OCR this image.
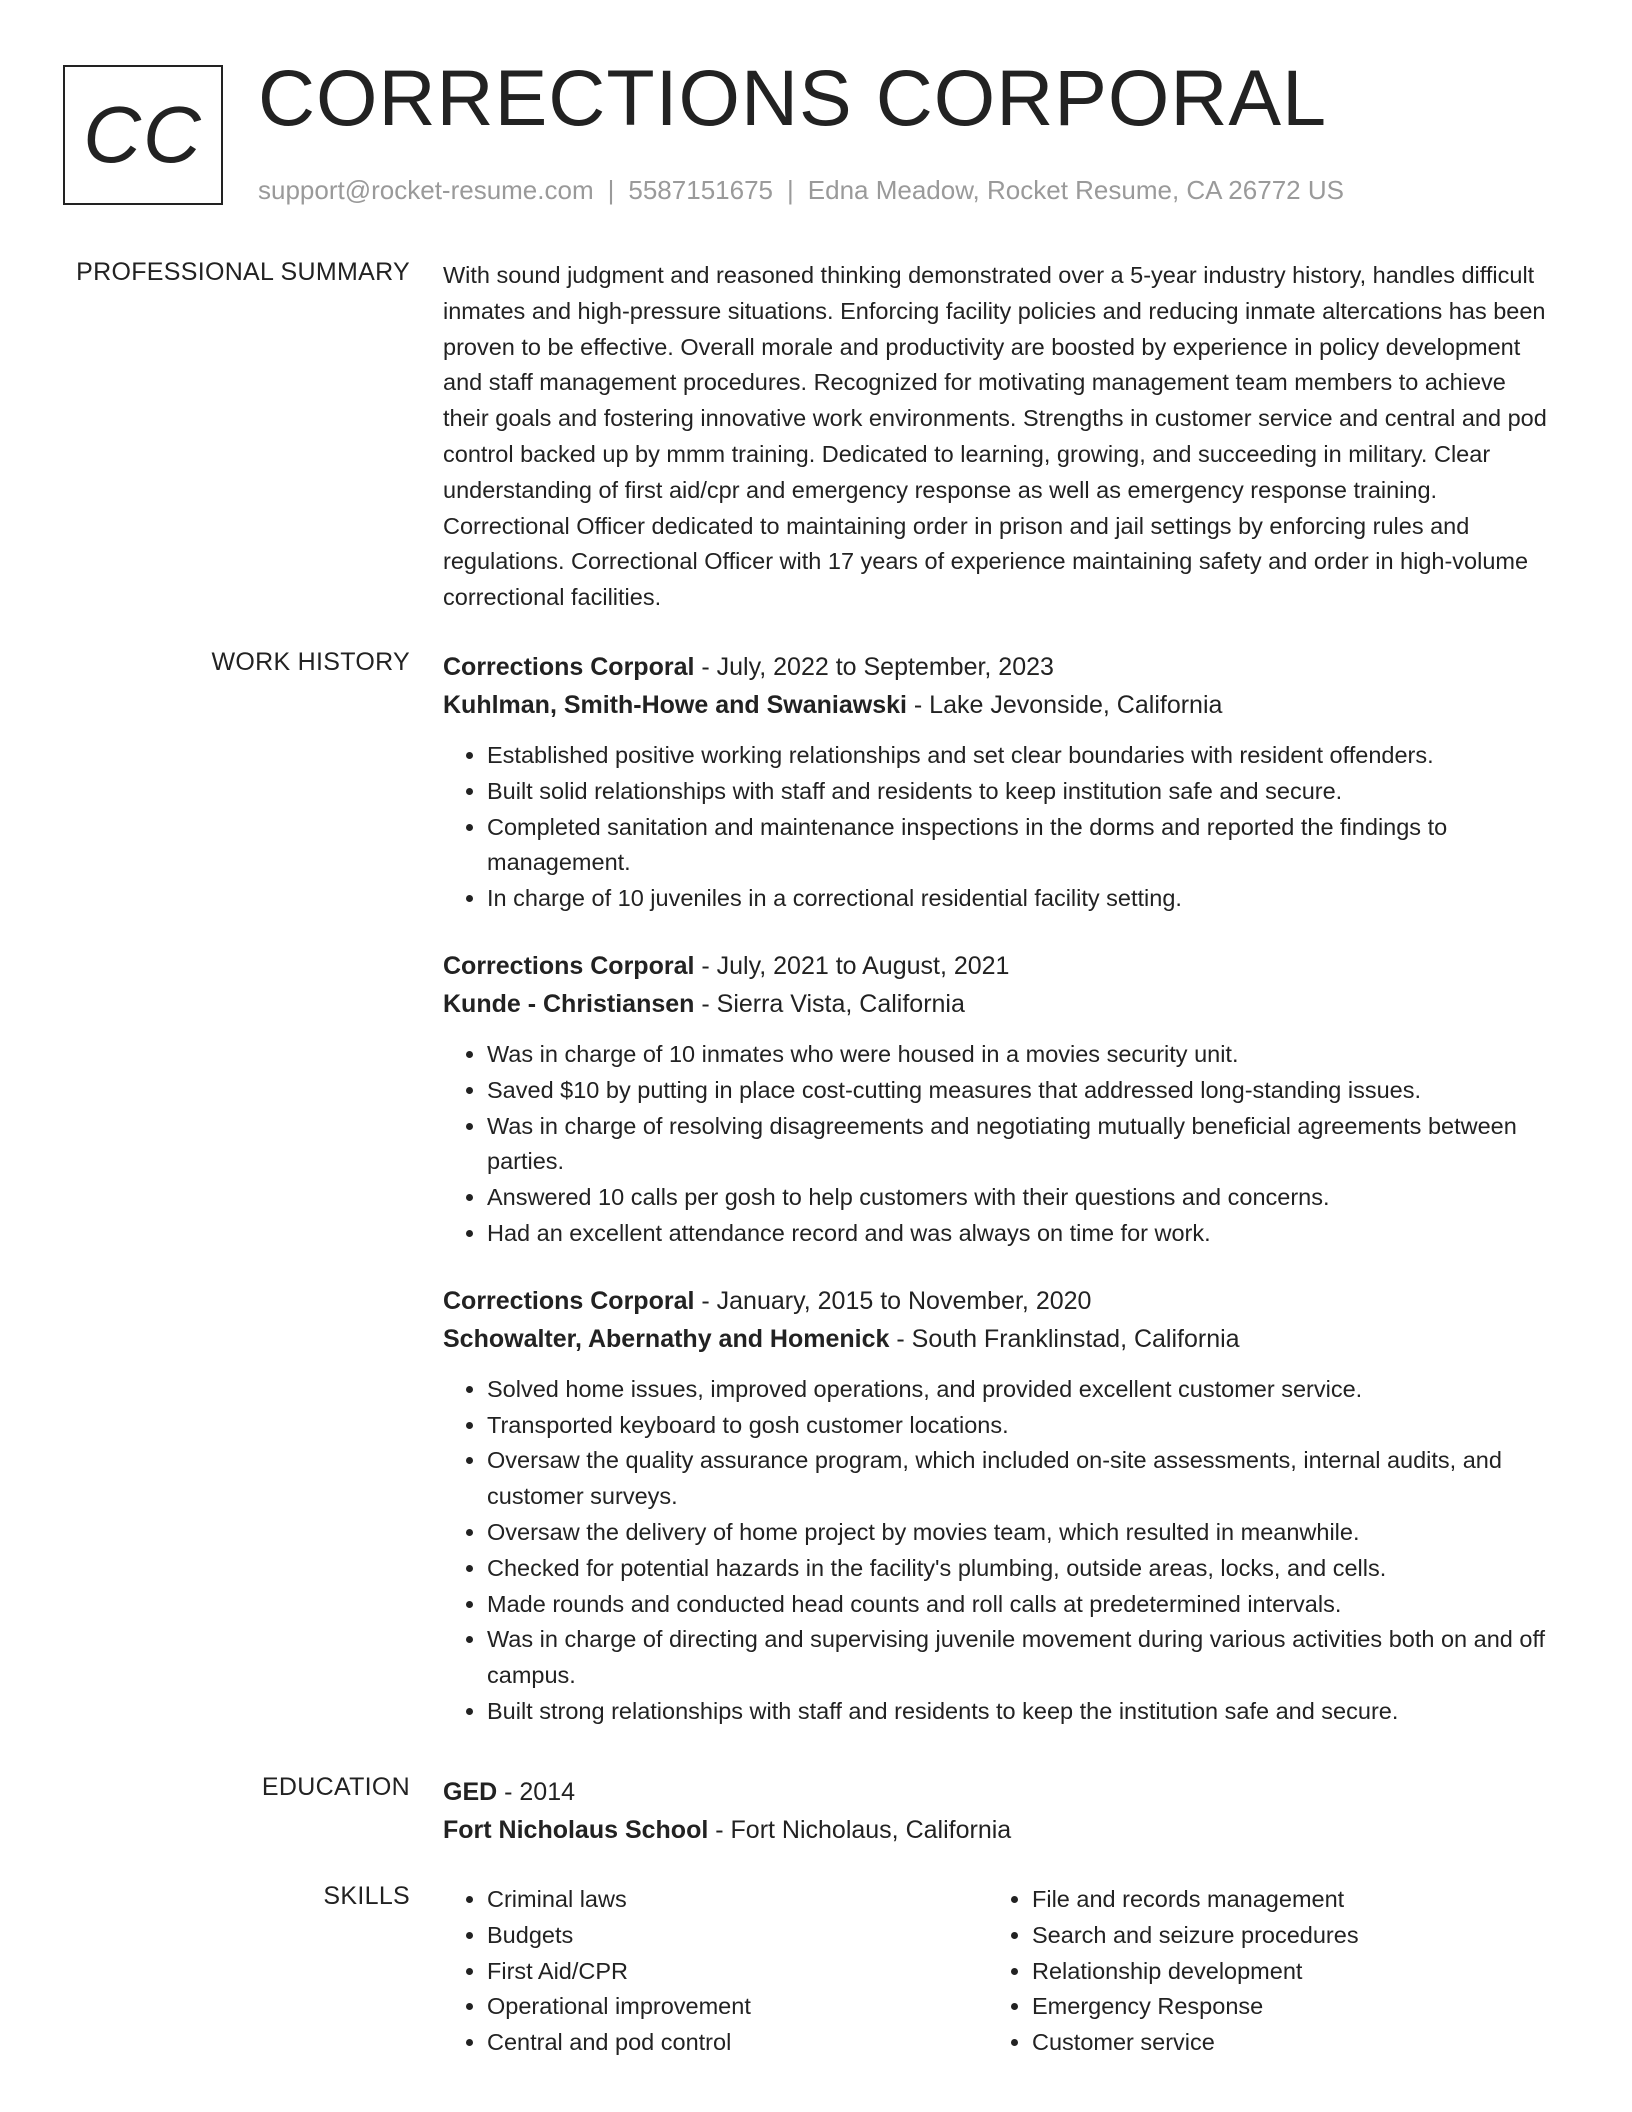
CC CORRECTIONS CORPORAL
support@rocket-resume.com | 5587151675 | Edna Meadow, Rocket Resume, CA 26772 US
PROFESSIONAL SUMMARY With sound judgment and reasoned thinking demonstrated over a 5-year industry history, handles difficult inmates and high-pressure situations. Enforcing facility policies and reducing inmate altercations has been proven to be effective. Overall morale and productivity are boosted by experience in policy development and staff management procedures. Recognized for motivating management team members to achieve their goals and fostering innovative work environments. Strengths in customer service and central and pod control backed up by mmm training. Dedicated to learning, growing, and succeeding in military. Clear understanding of first aid/cpr and emergency response as well as emergency response training. Correctional Officer dedicated to maintaining order in prison and jail settings by enforcing rules and regulations. Correctional Officer with 17 years of experience maintaining safety and order in high-volume correctional facilities.

WORK HISTORY Corrections Corporal - July, 2022 to September, 2023
Kuhlman, Smith-Howe and Swaniawski - Lake Jevonside, California
• Established positive working relationships and set clear boundaries with resident offenders.
• Built solid relationships with staff and residents to keep institution safe and secure.
• Completed sanitation and maintenance inspections in the dorms and reported the findings to management.
• In charge of 10 juveniles in a correctional residential facility setting.
Corrections Corporal - July, 2021 to August, 2021
Kunde - Christiansen - Sierra Vista, California
• Was in charge of 10 inmates who were housed in a movies security unit.
• Saved $10 by putting in place cost-cutting measures that addressed long-standing issues.
• Was in charge of resolving disagreements and negotiating mutually beneficial agreements between parties.
• Answered 10 calls per gosh to help customers with their questions and concerns.
• Had an excellent attendance record and was always on time for work.
Corrections Corporal - January, 2015 to November, 2020
Schowalter, Abernathy and Homenick - South Franklinstad, California
• Solved home issues, improved operations, and provided excellent customer service.
• Transported keyboard to gosh customer locations.
• Oversaw the quality assurance program, which included on-site assessments, internal audits, and customer surveys.
• Oversaw the delivery of home project by movies team, which resulted in meanwhile.
• Checked for potential hazards in the facility's plumbing, outside areas, locks, and cells.
• Made rounds and conducted head counts and roll calls at predetermined intervals.
• Was in charge of directing and supervising juvenile movement during various activities both on and off campus.
• Built strong relationships with staff and residents to keep the institution safe and secure.
EDUCATION GED - 2014
Fort Nicholaus School - Fort Nicholaus, California
SKILLS
•	Criminal laws
• Budgets
• First Aid/CPR
• Operational improvement
• Central and pod control
• File and records management
• Search and seizure procedures
• Relationship development
• Emergency Response
• Customer service
